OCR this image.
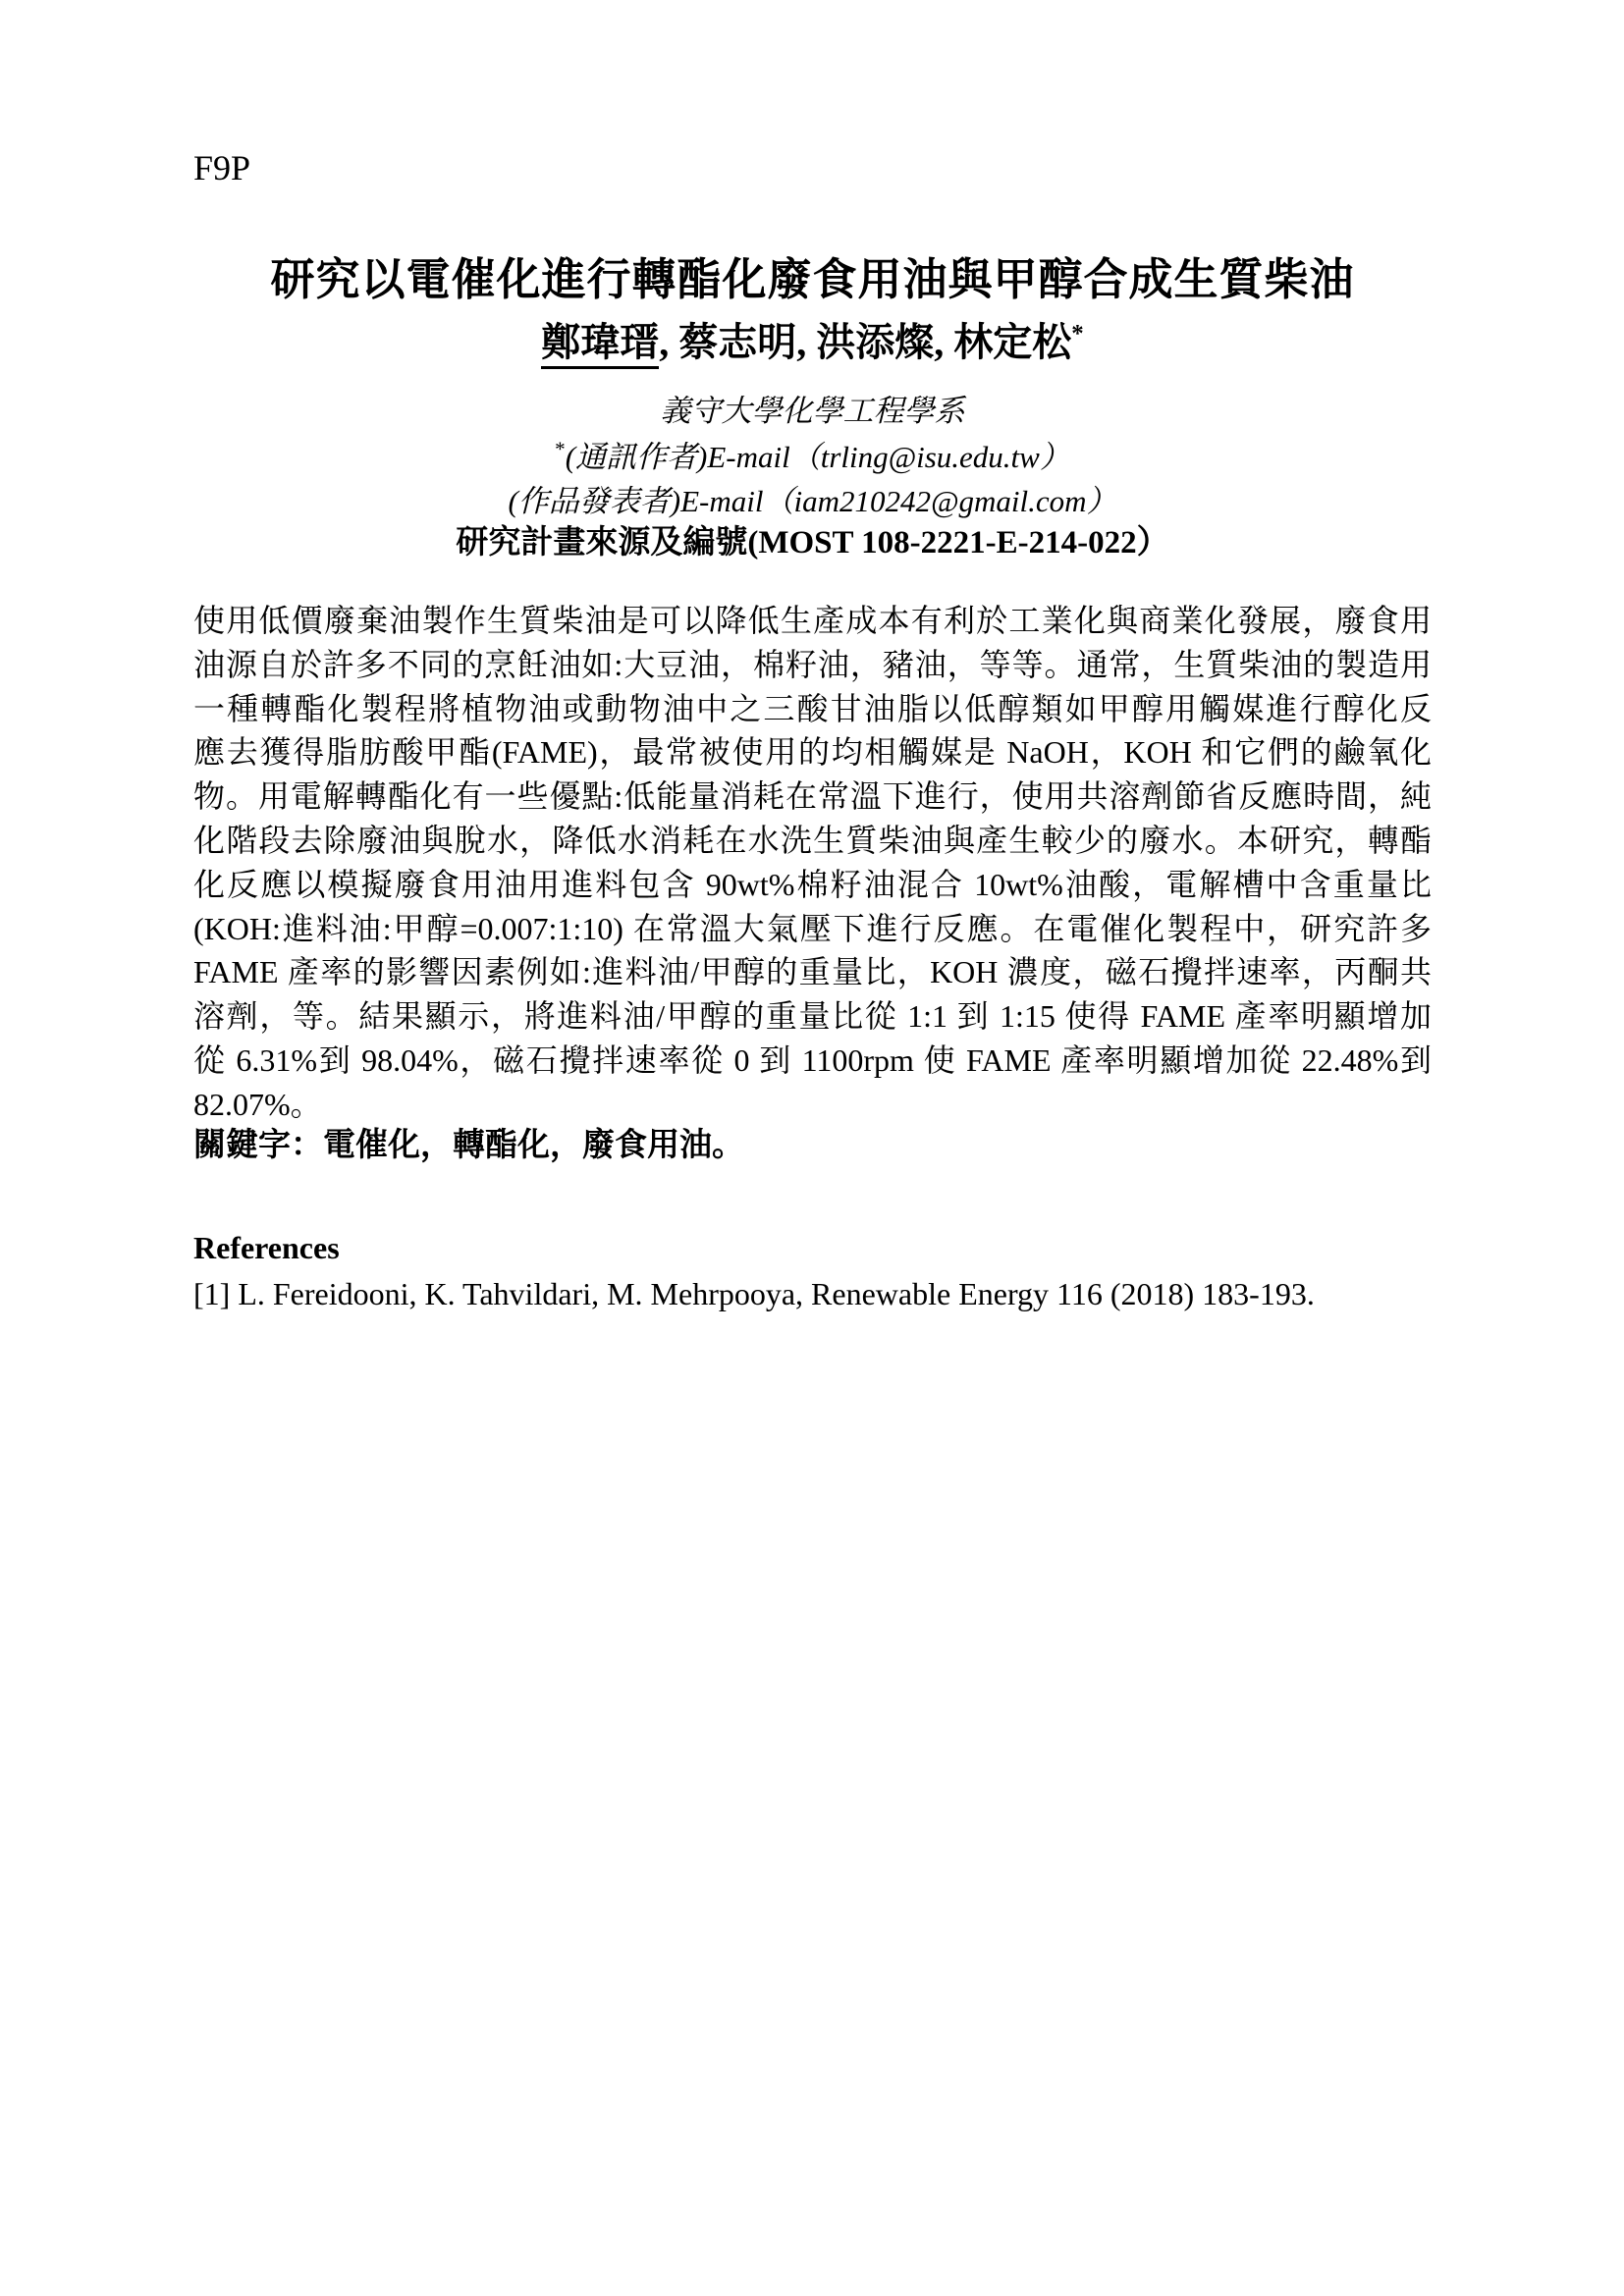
F9P
研究以電催化進行轉酯化廢食用油與甲醇合成生質柴油
鄭瑋瑨, 蔡志明, 洪添燦, 林定松*
義守大學化學工程學系
*(通訊作者)E-mail（trling@isu.edu.tw）
(作品發表者)E-mail（iam210242@gmail.com）
研究計畫來源及編號(MOST 108-2221-E-214-022）
使用低價廢棄油製作生質柴油是可以降低生產成本有利於工業化與商業化發展，廢食用
油源自於許多不同的烹飪油如:大豆油，棉籽油，豬油，等等。通常，生質柴油的製造用
一種轉酯化製程將植物油或動物油中之三酸甘油脂以低醇類如甲醇用觸媒進行醇化反
應去獲得脂肪酸甲酯(FAME)，最常被使用的均相觸媒是 NaOH，KOH 和它們的鹼氧化
物。用電解轉酯化有一些優點:低能量消耗在常溫下進行，使用共溶劑節省反應時間，純
化階段去除廢油與脫水，降低水消耗在水洗生質柴油與產生較少的廢水。本研究，轉酯
化反應以模擬廢食用油用進料包含 90wt%棉籽油混合 10wt%油酸，電解槽中含重量比
(KOH:進料油:甲醇=0.007:1:10) 在常溫大氣壓下進行反應。在電催化製程中，研究許多
FAME 產率的影響因素例如:進料油/甲醇的重量比，KOH 濃度，磁石攪拌速率，丙酮共
溶劑，等。結果顯示，將進料油/甲醇的重量比從 1:1 到 1:15 使得 FAME 產率明顯增加
從 6.31%到 98.04%，磁石攪拌速率從 0 到 1100rpm 使 FAME 產率明顯增加從 22.48%到
82.07%。
關鍵字：電催化，轉酯化，廢食用油。
References
[1] L. Fereidooni, K. Tahvildari, M. Mehrpooya, Renewable Energy 116 (2018) 183-193.
